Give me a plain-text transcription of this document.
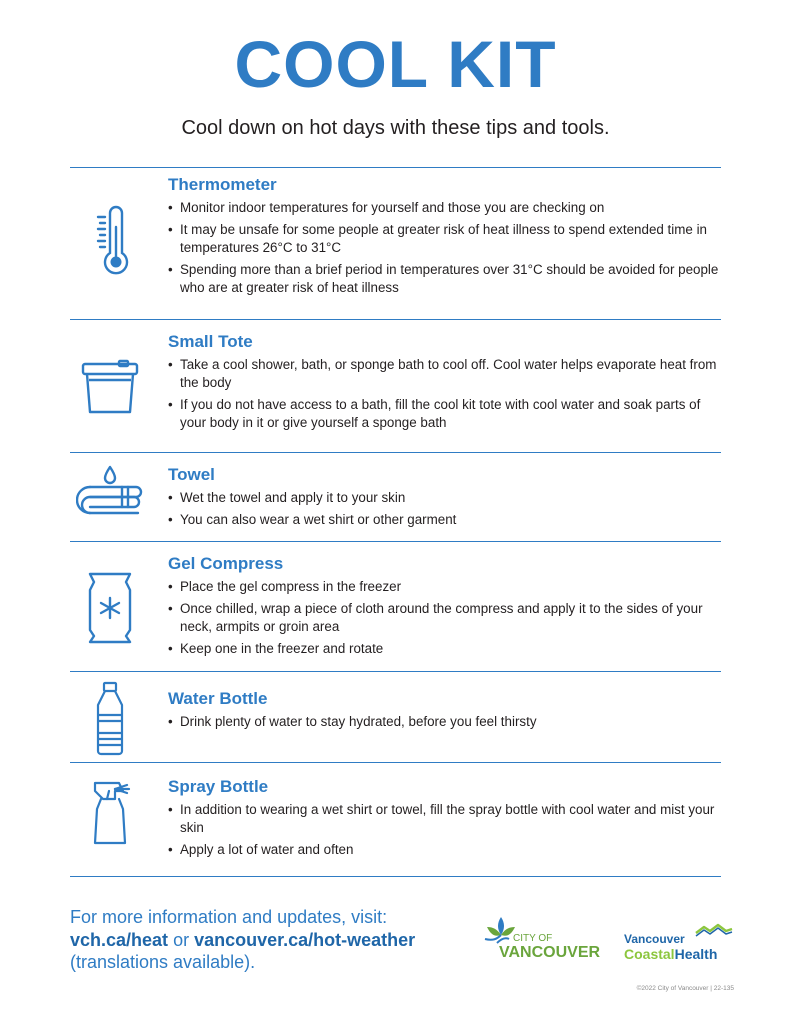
COOL KIT
Cool down on hot days with these tips and tools.
Thermometer
• Monitor indoor temperatures for yourself and those you are checking on
• It may be unsafe for some people at greater risk of heat illness to spend extended time in temperatures 26°C to 31°C
• Spending more than a brief period in temperatures over 31°C should be avoided for people who are at greater risk of heat illness
Small Tote
• Take a cool shower, bath, or sponge bath to cool off. Cool water helps evaporate heat from the body
• If you do not have access to a bath, fill the cool kit tote with cool water and soak parts of your body in it or give yourself a sponge bath
Towel
• Wet the towel and apply it to your skin
• You can also wear a wet shirt or other garment
Gel Compress
• Place the gel compress in the freezer
• Once chilled, wrap a piece of cloth around the compress and apply it to the sides of your neck, armpits or groin area
• Keep one in the freezer and rotate
Water Bottle
• Drink plenty of water to stay hydrated, before you feel thirsty
Spray Bottle
• In addition to wearing a wet shirt or towel, fill the spray bottle with cool water and mist your skin
• Apply a lot of water and often
For more information and updates, visit:
vch.ca/heat or vancouver.ca/hot-weather
(translations available).
CITY OF
VANCOUVER
Vancouver
CoastalHealth
©2022 City of Vancouver | 22-135
